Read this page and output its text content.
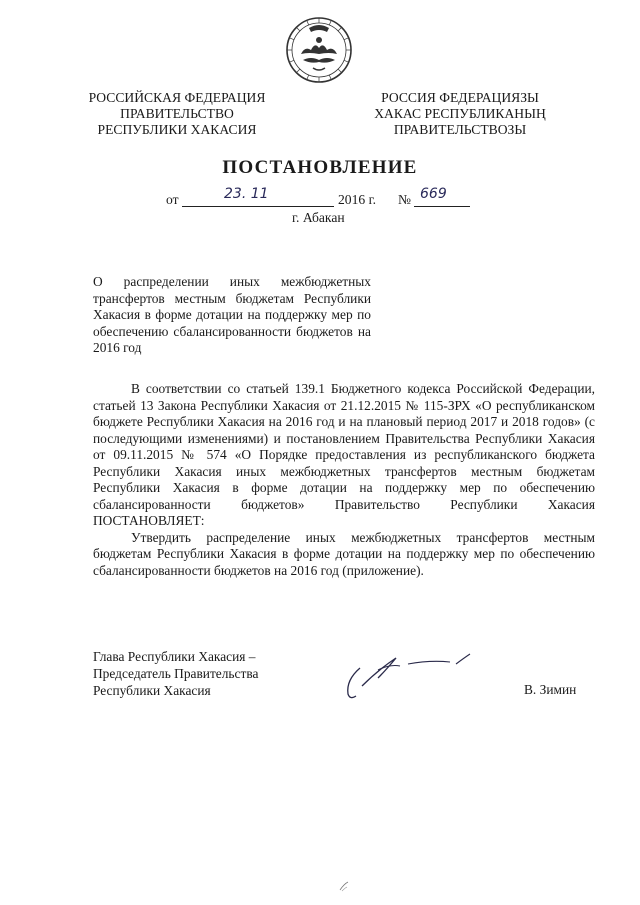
РОССИЙСКАЯ ФЕДЕРАЦИЯ
ПРАВИТЕЛЬСТВО
РЕСПУБЛИКИ ХАКАСИЯ
РОССИЯ ФЕДЕРАЦИЯЗЫ
ХАКАС РЕСПУБЛИКАНЫҢ
ПРАВИТЕЛЬСТВОЗЫ
ПОСТАНОВЛЕНИЕ
от	23. 11	2016 г. № 669
г. Абакан
О распределении иных межбюджетных трансфертов местным бюджетам Республики Хакасия в форме дотации на поддержку мер по обеспечению сбалансированности бюджетов на 2016 год

В соответствии со статьей 139.1 Бюджетного кодекса Российской Федерации, статьей 13 Закона Республики Хакасия от 21.12.2015 № 115-ЗРХ «О республиканском бюджете Республики Хакасия на 2016 год и на плановый период 2017 и 2018 годов» (с последующими изменениями) и постановлением Правительства Республики Хакасия от 09.11.2015 № 574 «О Порядке предоставления из республиканского бюджета Республики Хакасия иных межбюджетных трансфертов местным бюджетам Республики Хакасия в форме дотации на поддержку мер по обеспечению сбалансированности бюджетов» Правительство Республики Хакасия ПОСТАНОВЛЯЕТ:

Утвердить распределение иных межбюджетных трансфертов местным бюджетам Республики Хакасия в форме дотации на поддержку мер по обеспечению сбалансированности бюджетов на 2016 год (приложение).

Глава Республики Хакасия –
Председатель Правительства
Республики Хакасия	В. Зимин
